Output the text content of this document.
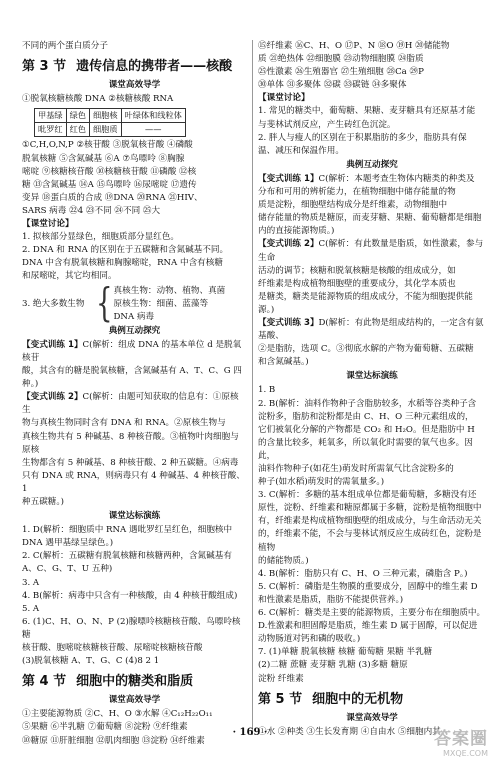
不同的两个蛋白质分子

第 3 节 遗传信息的携带者——核酸
课堂高效导学

①脱氧核糖核酸 DNA ②核糖核酸 RNA

甲基绿	绿色	细胞核	叶绿体和线粒体
吡罗红	红色	细胞质	——

①C,H,O,N,P ②核苷酸 ③脱氧核苷酸 ④磷酸

脱氧核糖 ⑤含氮碱基 ⑥A ⑦鸟嘌呤 ⑧胸腺

嘧啶 ⑨核糖核苷酸 ⑩核糖核苷酸 ⑪磷酸 ⑫核

糖 ⑬含氮碱基 ⑭A ⑮鸟嘌呤 ⑯尿嘧啶 ⑰遗传

变异 ⑱蛋白质的合成 ⑲DNA ⑳RNA ㉑HIV、

SARS 病毒 ㉒4 ㉓不同 ㉔不同 ㉕大

【课堂讨论】

1. 拟核部分显绿色，细胞质部分显红色。

2. DNA 和 RNA 的区别在于五碳糖和含氮碱基不同。

DNA 中含有脱氧核糖和胸腺嘧啶，RNA 中含有核糖

和尿嘧啶，其它均相同。

3. 绝大多数生物 { 真核生物：动物、植物、真菌

原核生物：细菌、蓝藻等

DNA 病毒

典例互动探究

【变式训练 1】C(解析：组成 DNA 的基本单位 d 是脱氧核苷

酸，其含有的糖是脱氧核糖，含氮碱基有 A、T、C、G 四种。)

【变式训练 2】C(解析：由题可知获取的信息有：①原核生

物与真核生物同时含有 DNA 和 RNA。②原核生物与

真核生物共有 5 种碱基、8 种核苷酸。③植物叶肉细胞与原核

生物都含有 5 种碱基、8 种核苷酸、2 种五碳糖。④病毒

只有 DNA 或 RNA，则病毒只有 4 种碱基、4 种核苷酸、1

种五碳糖。)

课堂达标演练

1. D(解析：细胞质中 RNA 遇吡罗红呈红色，细胞核中

DNA 遇甲基绿呈绿色。)

2. C(解析：五碳糖有脱氧核糖和核糖两种，含氮碱基有

A、C、G、T、U 五种)

3. A

4. B(解析：病毒中只含有一种核酸，由 4 种核苷酸组成)

5. A

6. (1)C、H、O、N、P (2)腺嘌呤核糖核苷酸、鸟嘌呤核糖

核苷酸、胞嘧啶核糖核苷酸、尿嘧啶核糖核苷酸

(3)脱氧核糖 A、T、G、C (4)8 2 1

第 4 节 细胞中的糖类和脂质
课堂高效导学

①主要能源物质 ②C、H、O ③水解 ④C₁₂H₂₂O₁₁

⑤果糖 ⑥半乳糖 ⑦葡萄糖 ⑧淀粉 ⑨纤维素

⑩糖原 ⑪肝脏细胞 ⑫肌肉细胞 ⑬淀粉 ⑭纤维素

⑮纤维素 ⑯C、H、O ⑰P、N ⑱O ⑲H ⑳储能物

质 ㉑绝热体 ㉒细胞膜 ㉓动物细胞膜 ㉔脂质

㉕性激素 ㉖生殖器官 ㉗生殖细胞 ㉘Ca ㉙P

㉚单体 ㉛多聚体 ㉜碳 ㉝碳链 ㉞多聚体

【课堂讨论】

1. 常见的糖类中，葡萄糖、果糖、麦芽糖具有还原基才能

与斐林试剂反应，产生砖红色沉淀。

2. 胖人与瘦人的区别在于积累脂肪的多少，脂肪具有保

温、减压和保温作用。

典例互动探究

【变式训练 1】C(解析：本题考查生物体内糖类的种类及

分布和可用的辨析能力，在植物细胞中储存能量的物

质是淀粉，细胞壁结构成分是纤维素，动物细胞中

储存能量的物质是糖原，而麦芽糖、果糖、葡萄糖都是细胞

内的直接能源物质。)

【变式训练 2】C(解析：有此数量是脂质，如性激素，参与生命

活动的调节；核糖和脱氧核糖是核酸的组成成分，如

纤维素是构成植物细胞壁的重要成分，其化学本质也

是糖类，糖类是能源物质的组成成分，不能为细胞提供能源。)

【变式训练 3】D(解析：有此物是组成结构的，一定含有氨基酸、

②是脂肪，选项 C。③彻底水解的产物为葡萄糖、五碳糖

和含氮碱基。)

课堂达标演练

1. B

2. B(解析：油料作物种子含脂肪较多，水稻等谷类种子含

淀粉多，脂肪和淀粉都是由 C、H、O 三种元素组成的，

它们被氧化分解的产物都是 CO₂ 和 H₂O。但是脂肪中 H

的含量比较多，耗氧多，所以氧化时需要的氧气也多。因此，

油料作物种子(如花生)萌发时所需氧气比含淀粉多的

种子(如水稻)萌发时的需氧量多。)

3. C(解析：多糖的基本组成单位都是葡萄糖，多糖没有还

原性，淀粉、纤维素和糖原都属于多糖，淀粉是植物细胞中

有，纤维素是构成植物细胞壁的组成成分，与生命活动无关

的，纤维素不能，不会与斐林试剂反应生成砖红色，淀粉是植物

的储能物质。)

4. B(解析：脂肪只有 C、H、O 三种元素，磷脂含 P。)

5. C(解析：磷脂是生物膜的重要成分，固醇中的维生素 D

和性激素是脂质，脂肪不能提供营养。)

6. C(解析：糖类是主要的能源物质，主要分布在细胞质中。

D.性激素和胆固醇是脂质，维生素 D 属于固醇，可以促进

动物肠道对钙和磷的吸收。)

7. (1)单糖 脱氧核糖 核糖 葡萄糖 果糖 半乳糖

(2)二糖 蔗糖 麦芽糖 乳糖 (3)多糖 糖原

淀粉 纤维素

第 5 节 细胞中的无机物
课堂高效导学

①水 ②种类 ③生长发育期 ④自由水 ⑤细胞内其

· 169 ·	答案圈
MXQE.COM
